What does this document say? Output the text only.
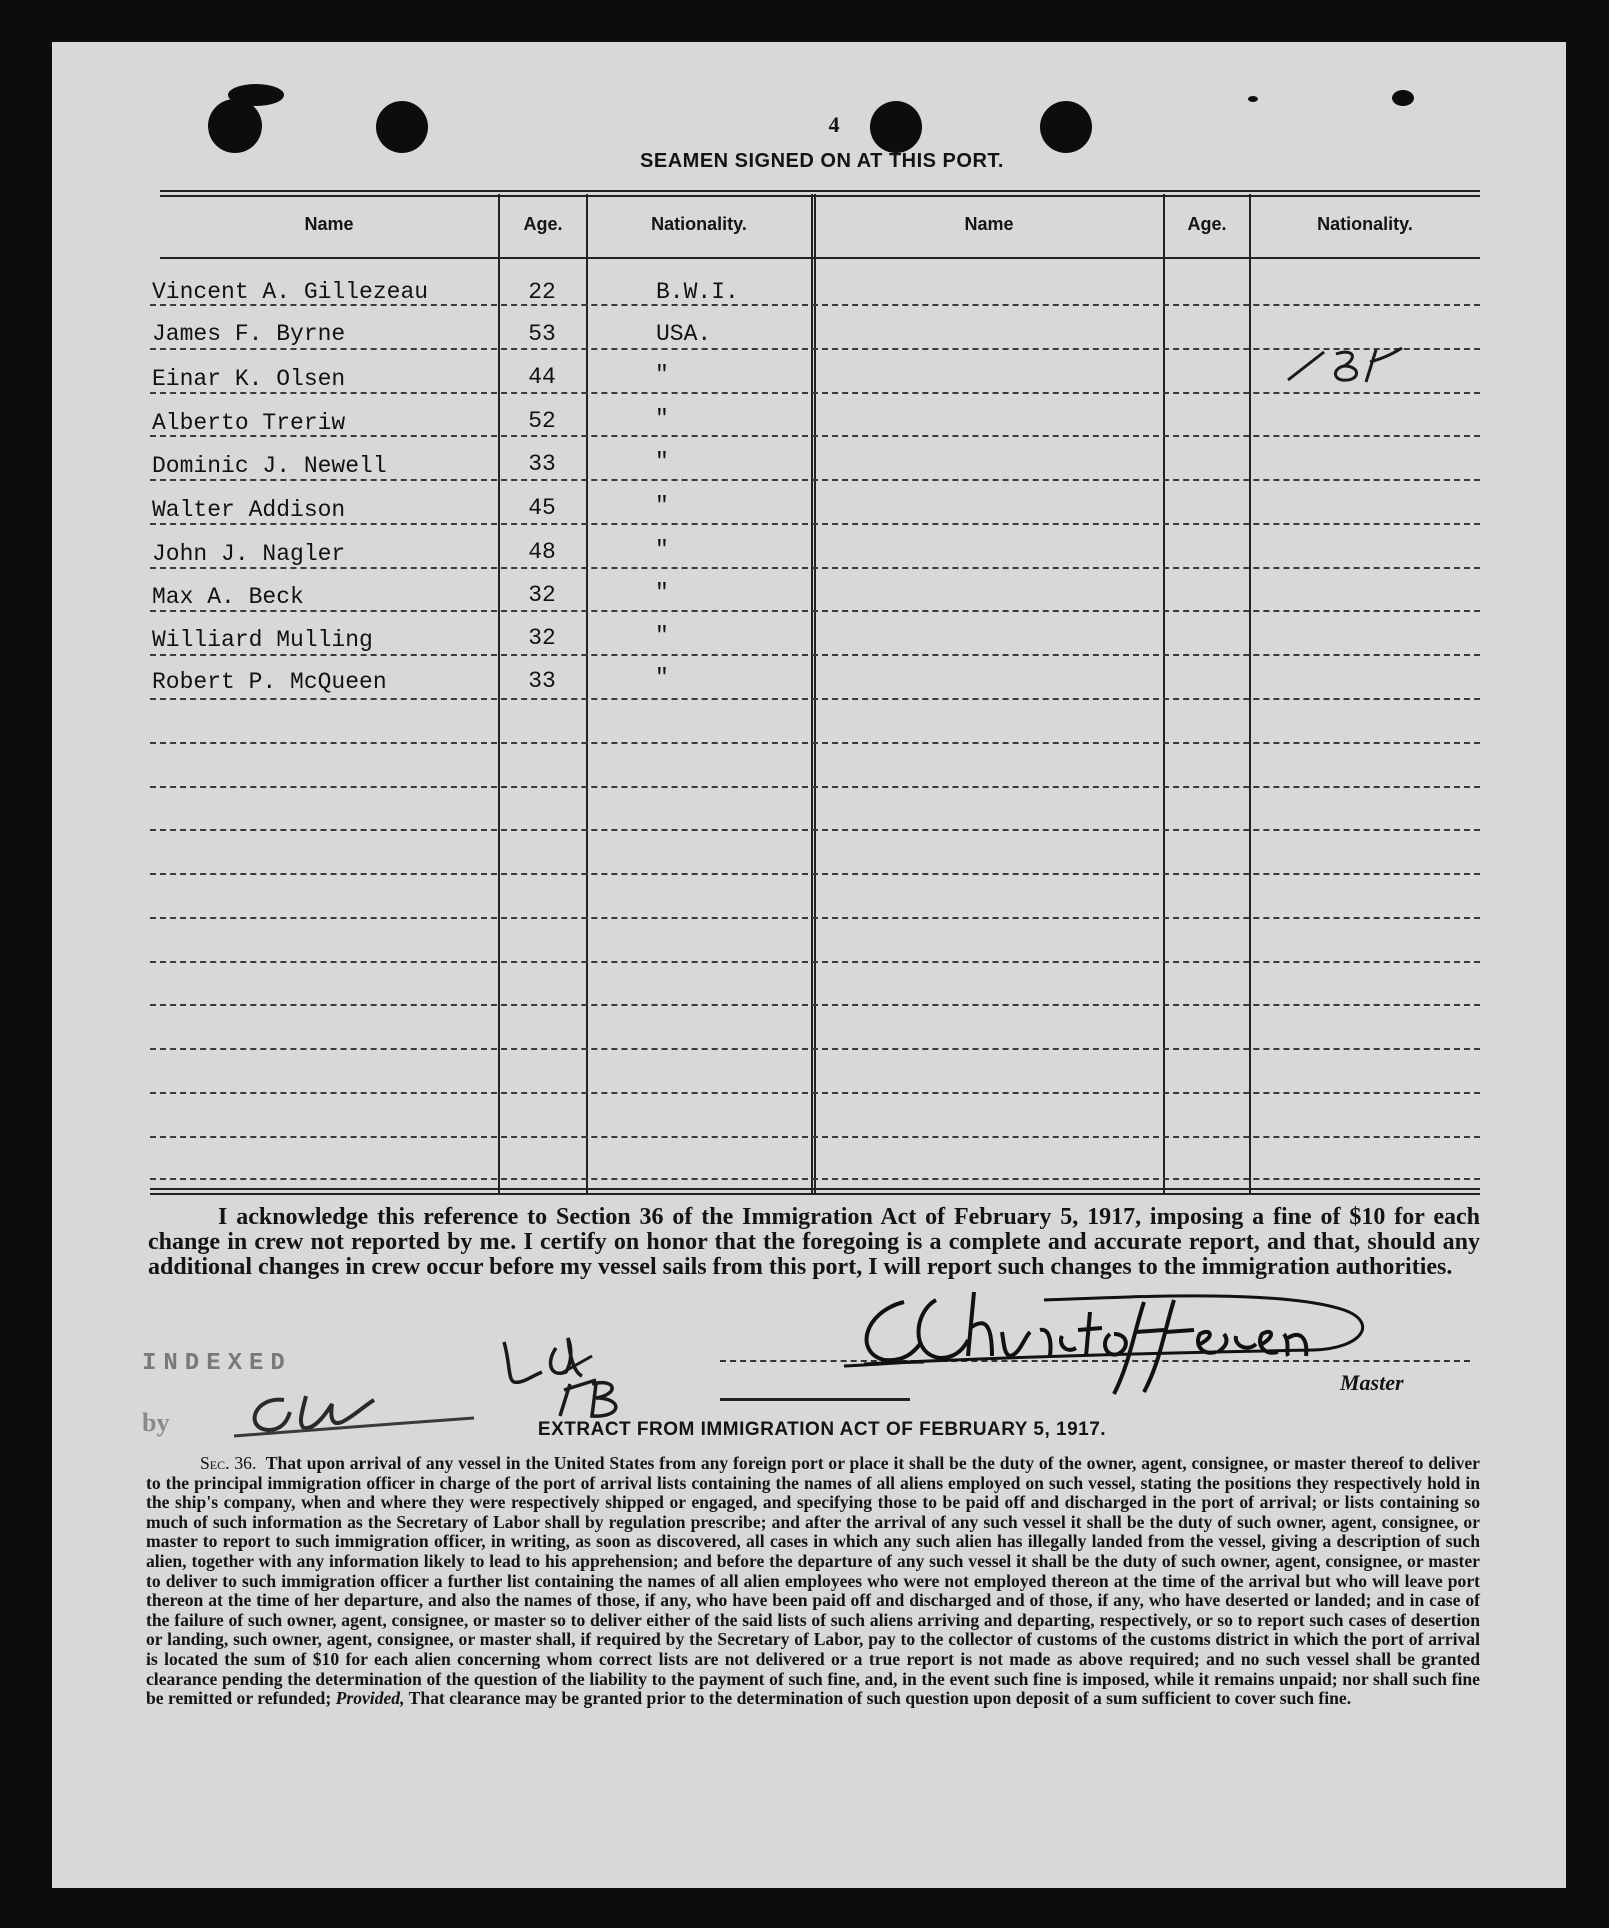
4
SEAMEN SIGNED ON AT THIS PORT.
Name	Age.	Nationality.	Name	Age.	Nationality.
Vincent A. Gillezeau	22	B.W.I.
James F. Byrne	53	USA.
Einar K. Olsen	44	"
Alberto Treriw	52	"
Dominic J. Newell	33	"
Walter Addison	45	"
John J. Nagler	48	"
Max A. Beck	32	"
Williard Mulling	32	"
Robert P. McQueen	33	"
I acknowledge this reference to Section 36 of the Immigration Act of February 5, 1917, imposing a fine of $10 for each change in crew not reported by me. I certify on honor that the foregoing is a complete and accurate report, and that, should any additional changes in crew occur before my vessel sails from this port, I will report such changes to the immigration authorities.
INDEXED
by
Master
EXTRACT FROM IMMIGRATION ACT OF FEBRUARY 5, 1917.
Sec. 36. That upon arrival of any vessel in the United States from any foreign port or place it shall be the duty of the owner, agent, consignee, or master thereof to deliver to the principal immigration officer in charge of the port of arrival lists containing the names of all aliens employed on such vessel, stating the positions they respectively hold in the ship's company, when and where they were respectively shipped or engaged, and specifying those to be paid off and discharged in the port of arrival; or lists containing so much of such information as the Secretary of Labor shall by regulation prescribe; and after the arrival of any such vessel it shall be the duty of such owner, agent, consignee, or master to report to such immigration officer, in writing, as soon as discovered, all cases in which any such alien has illegally landed from the vessel, giving a description of such alien, together with any information likely to lead to his apprehension; and before the departure of any such vessel it shall be the duty of such owner, agent, consignee, or master to deliver to such immigration officer a further list containing the names of all alien employees who were not employed thereon at the time of the arrival but who will leave port thereon at the time of her departure, and also the names of those, if any, who have been paid off and discharged and of those, if any, who have deserted or landed; and in case of the failure of such owner, agent, consignee, or master so to deliver either of the said lists of such aliens arriving and departing, respectively, or so to report such cases of desertion or landing, such owner, agent, consignee, or master shall, if required by the Secretary of Labor, pay to the collector of customs of the customs district in which the port of arrival is located the sum of $10 for each alien concerning whom correct lists are not delivered or a true report is not made as above required; and no such vessel shall be granted clearance pending the determination of the question of the liability to the payment of such fine, and, in the event such fine is imposed, while it remains unpaid; nor shall such fine be remitted or refunded; Provided, That clearance may be granted prior to the determination of such question upon deposit of a sum sufficient to cover such fine.
